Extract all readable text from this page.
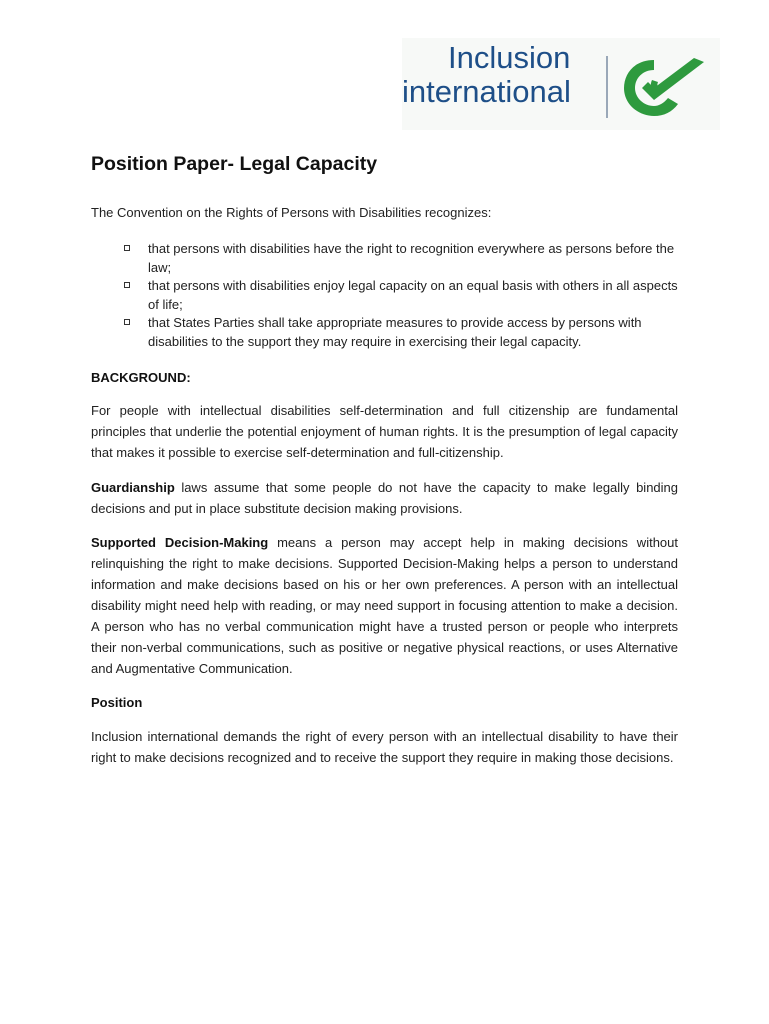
Inclusion
international
Position Paper- Legal Capacity
The Convention on the Rights of Persons with Disabilities recognizes:
that persons with disabilities have the right to recognition everywhere as persons before the law;
that persons with disabilities enjoy legal capacity on an equal basis with others in all aspects of life;
that States Parties shall take appropriate measures to provide access by persons with disabilities to the support they may require in exercising their legal capacity.
BACKGROUND:

For people with intellectual disabilities self-determination and full citizenship are fundamental principles that underlie the potential enjoyment of human rights. It is the presumption of legal capacity that makes it possible to exercise self-determination and full-citizenship.

Guardianship laws assume that some people do not have the capacity to make legally binding decisions and put in place substitute decision making provisions.

Supported Decision-Making means a person may accept help in making decisions without relinquishing the right to make decisions. Supported Decision-Making helps a person to understand information and make decisions based on his or her own preferences. A person with an intellectual disability might need help with reading, or may need support in focusing attention to make a decision. A person who has no verbal communication might have a trusted person or people who interprets their non-verbal communications, such as positive or negative physical reactions, or uses Alternative and Augmentative Communication.

Position

Inclusion international demands the right of every person with an intellectual disability to have their right to make decisions recognized and to receive the support they require in making those decisions.
